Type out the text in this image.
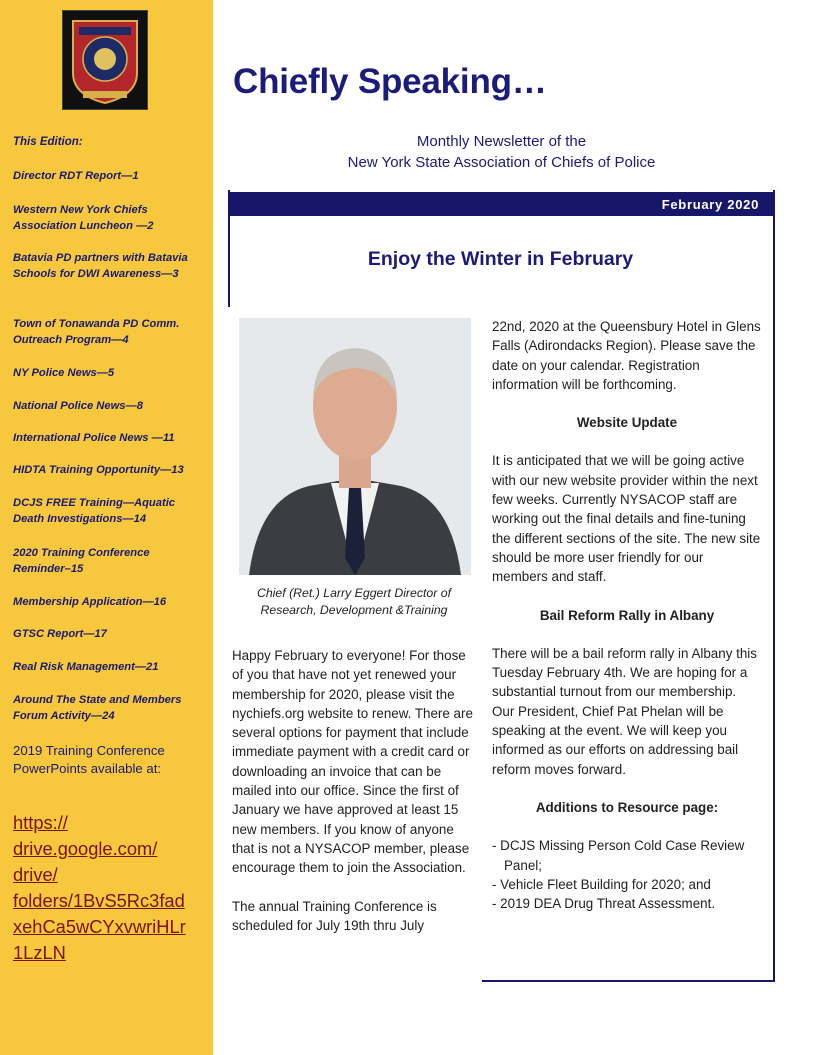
This Edition:
Director RDT Report—1
Western New York Chiefs Association Luncheon —2
Batavia PD partners with Batavia Schools for DWI Awareness—3
Town of Tonawanda PD Comm. Outreach Program—4
NY Police News—5
National Police News—8
International Police News —11
HIDTA Training Opportunity—13
DCJS FREE Training—Aquatic Death Investigations—14
2020 Training Conference Reminder–15
Membership Application—16
GTSC Report—17
Real Risk Management—21
Around The State and Members Forum Activity—24
2019 Training Conference PowerPoints available at:
https://
drive.google.com/
drive/
folders/1BvS5Rc3fad
xehCa5wCYxvwriHLr
1LzLN
Chiefly Speaking…
Monthly Newsletter of the
New York State Association of Chiefs of Police
February 2020
Enjoy the Winter in February
Chief (Ret.) Larry Eggert Director of
Research, Development &Training

Happy February to everyone! For those of you that have not yet renewed your membership for 2020, please visit the nychiefs.org website to renew. There are several options for payment that include immediate payment with a credit card or downloading an invoice that can be mailed into our office. Since the first of January we have approved at least 15 new members. If you know of anyone that is not a NYSACOP member, please encourage them to join the Association.

The annual Training Conference is scheduled for July 19th thru July

22nd, 2020 at the Queensbury Hotel in Glens Falls (Adirondacks Region). Please save the date on your calendar. Registration information will be forthcoming.

Website Update

It is anticipated that we will be going active with our new website provider within the next few weeks. Currently NYSACOP staff are working out the final details and fine-tuning the different sections of the site. The new site should be more user friendly for our members and staff.

Bail Reform Rally in Albany

There will be a bail reform rally in Albany this Tuesday February 4th. We are hoping for a substantial turnout from our membership. Our President, Chief Pat Phelan will be speaking at the event. We will keep you informed as our efforts on addressing bail reform moves forward.

Additions to Resource page:

- DCJS Missing Person Cold Case Review Panel;

- Vehicle Fleet Building for 2020; and

- 2019 DEA Drug Threat Assessment.
